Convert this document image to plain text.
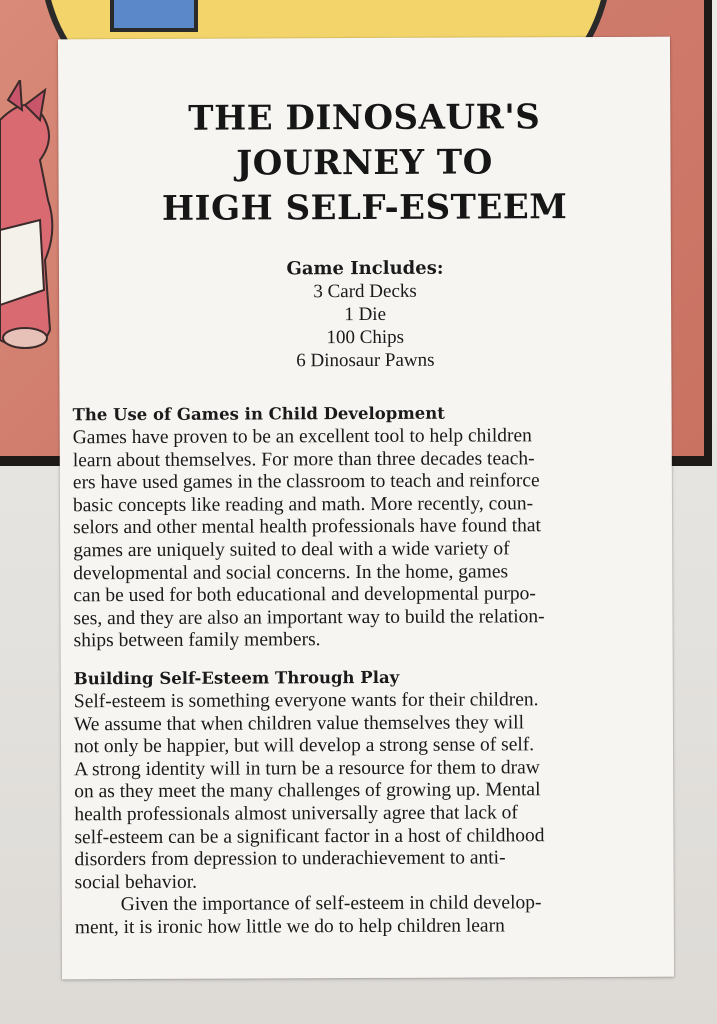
THE DINOSAUR'S
JOURNEY TO
HIGH SELF-ESTEEM
Game Includes:
3 Card Decks
1 Die
100 Chips
6 Dinosaur Pawns
The Use of Games in Child Development

Games have proven to be an excellent tool to help children
learn about themselves. For more than three decades teach-
ers have used games in the classroom to teach and reinforce
basic concepts like reading and math. More recently, coun-
selors and other mental health professionals have found that
games are uniquely suited to deal with a wide variety of
developmental and social concerns. In the home, games
can be used for both educational and developmental purpo-
ses, and they are also an important way to build the relation-
ships between family members.

Building Self-Esteem Through Play

Self-esteem is something everyone wants for their children.
We assume that when children value themselves they will
not only be happier, but will develop a strong sense of self.
A strong identity will in turn be a resource for them to draw
on as they meet the many challenges of growing up. Mental
health professionals almost universally agree that lack of
self-esteem can be a significant factor in a host of childhood
disorders from depression to underachievement to anti-
social behavior.

Given the importance of self-esteem in child develop-
ment, it is ironic how little we do to help children learn
